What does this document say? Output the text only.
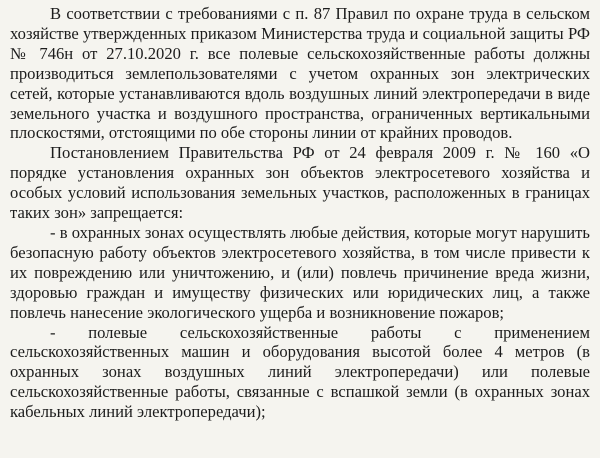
В соответствии с требованиями с п. 87 Правил по охране труда в сельском хозяйстве утвержденных приказом Министерства труда и социальной защиты РФ № 746н от 27.10.2020 г. все полевые сельскохозяйственные работы должны производиться землепользователями с учетом охранных зон электрических сетей, которые устанавливаются вдоль воздушных линий электропередачи в виде земельного участка и воздушного пространства, ограниченных вертикальными плоскостями, отстоящими по обе стороны линии от крайних проводов.

Постановлением Правительства РФ от 24 февраля 2009 г. № 160 «О порядке установления охранных зон объектов электросетевого хозяйства и особых условий использования земельных участков, расположенных в границах таких зон» запрещается:

- в охранных зонах осуществлять любые действия, которые могут нарушить безопасную работу объектов электросетевого хозяйства, в том числе привести к их повреждению или уничтожению, и (или) повлечь причинение вреда жизни, здоровью граждан и имуществу физических или юридических лиц, а также повлечь нанесение экологического ущерба и возникновение пожаров;

- полевые сельскохозяйственные работы с применением сельскохозяйственных машин и оборудования высотой более 4 метров (в охранных зонах воздушных линий электропередачи) или полевые сельскохозяйственные работы, связанные с вспашкой земли (в охранных зонах кабельных линий электропередачи);
